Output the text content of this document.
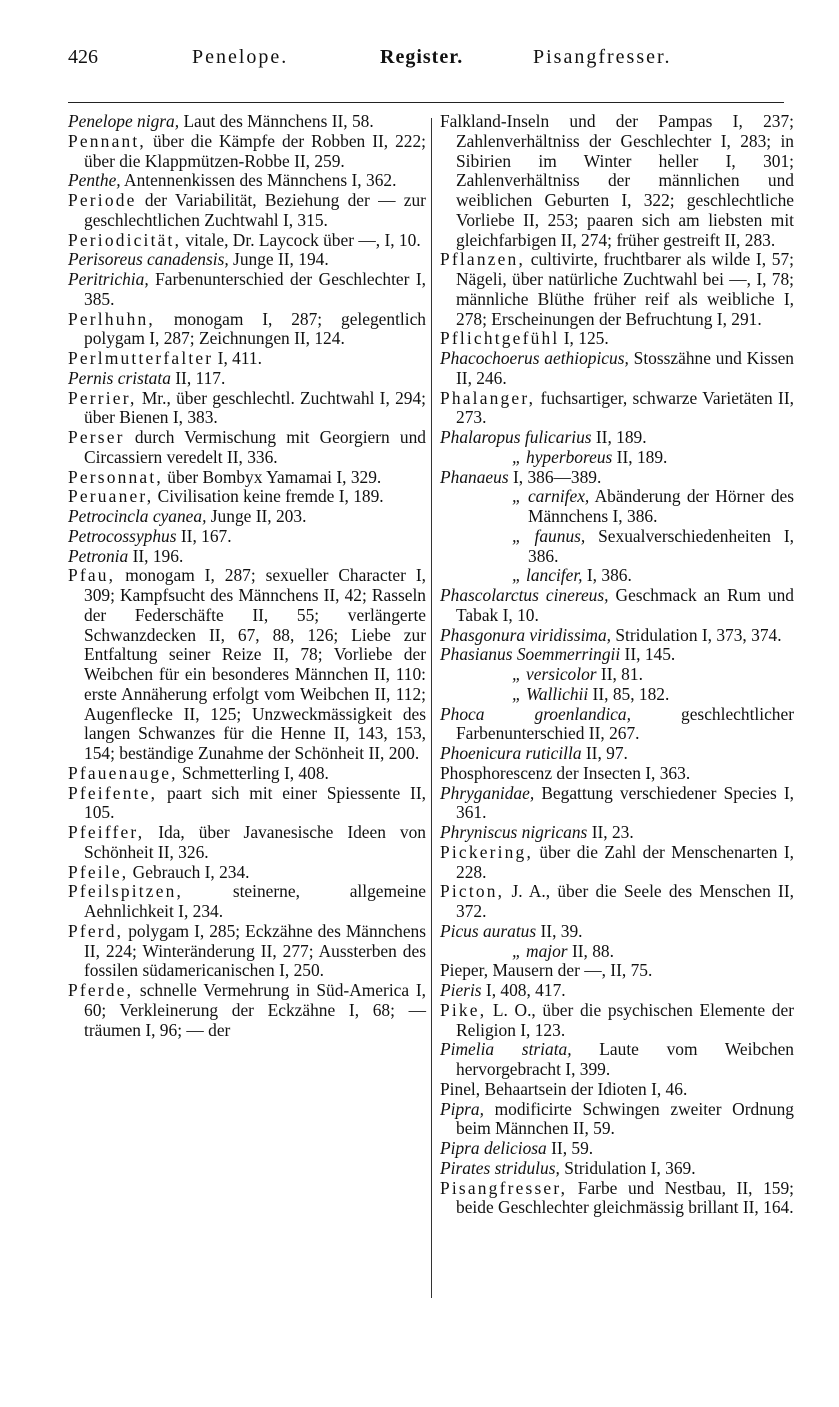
426	Penelope.	Register.	Pisangfresser.
Penelope nigra, Laut des Männchens II, 58.
Pennant, über die Kämpfe der Robben II, 222; über die Klappmützen-Robbe II, 259.
Penthe, Antennenkissen des Männchens I, 362.
Periode der Variabilität, Beziehung der — zur geschlechtlichen Zuchtwahl I, 315.
Periodicität, vitale, Dr. Laycock über —, I, 10.
Perisoreus canadensis, Junge II, 194.
Peritrichia, Farbenunterschied der Geschlechter I, 385.
Perlhuhn, monogam I, 287; gelegentlich polygam I, 287; Zeichnungen II, 124.
Perlmutterfalter I, 411.
Pernis cristata II, 117.
Perrier, Mr., über geschlechtl. Zuchtwahl I, 294; über Bienen I, 383.
Perser durch Vermischung mit Georgiern und Circassiern veredelt II, 336.
Personnat, über Bombyx Yamamai I, 329.
Peruaner, Civilisation keine fremde I, 189.
Petrocincla cyanea, Junge II, 203.
Petrocossyphus II, 167.
Petronia II, 196.
Pfau, monogam I, 287; sexueller Character I, 309; Kampfsucht des Männchens II, 42; Rasseln der Federschäfte II, 55; verlängerte Schwanzdecken II, 67, 88, 126; Liebe zur Entfaltung seiner Reize II, 78; Vorliebe der Weibchen für ein besonderes Männchen II, 110: erste Annäherung erfolgt vom Weibchen II, 112; Augenflecke II, 125; Unzweckmässigkeit des langen Schwanzes für die Henne II, 143, 153, 154; beständige Zunahme der Schönheit II, 200.
Pfauenauge, Schmetterling I, 408.
Pfeifente, paart sich mit einer Spiessente II, 105.
Pfeiffer, Ida, über Javanesische Ideen von Schönheit II, 326.
Pfeile, Gebrauch I, 234.
Pfeilspitzen,	steinerne, allgemeine Aehnlichkeit I, 234.
Pferd, polygam I, 285; Eckzähne des Männchens II, 224; Winteränderung II, 277; Aussterben des fossilen südamericanischen I, 250.
Pferde, schnelle Vermehrung in Süd-America I, 60; Verkleinerung der Eckzähne I, 68; — träumen I, 96; — der
Falkland-Inseln und der Pampas I, 237; Zahlenverhältniss der Geschlechter I, 283; in Sibirien im Winter heller I, 301; Zahlenverhältniss der männlichen und weiblichen Geburten I, 322; geschlechtliche Vorliebe II, 253; paaren sich am liebsten mit gleichfarbigen II, 274; früher gestreift II, 283.
Pflanzen, cultivirte, fruchtbarer als wilde I, 57; Nägeli, über natürliche Zuchtwahl bei —, I, 78; männliche Blüthe früher reif als weibliche I, 278; Erscheinungen der Befruchtung I, 291.
Pflichtgefühl I, 125.
Phacochoerus aethiopicus, Stosszähne und Kissen II, 246.
Phalanger, fuchsartiger, schwarze Varietäten II, 273.
Phalaropus fulicarius II, 189.
„ hyperboreus II, 189.
Phanaeus I, 386—389.
„ carnifex, Abänderung der Hörner des Männchens I, 386.
„ faunus, Sexualverschiedenheiten I, 386.
„ lancifer, I, 386.
Phascolarctus cinereus, Geschmack an Rum und Tabak I, 10.
Phasgonura viridissima, Stridulation I, 373, 374.
Phasianus Soemmerringii II, 145.
„ versicolor II, 81.
„ Wallichii II, 85, 182.
Phoca groenlandica,	geschlechtlicher Farbenunterschied II, 267.
Phoenicura ruticilla II, 97.
Phosphorescenz der Insecten I, 363.
Phryganidae, Begattung verschiedener Species I, 361.
Phryniscus nigricans II, 23.
Pickering, über die Zahl der Menschenarten I, 228.
Picton, J. A., über die Seele des Menschen II, 372.
Picus auratus II, 39.
„ major II, 88.
Pieper, Mausern der —, II, 75.
Pieris I, 408, 417.
Pike, L. O., über die psychischen Elemente der Religion I, 123.
Pimelia striata, Laute vom Weibchen hervorgebracht I, 399.
Pinel, Behaartsein der Idioten I, 46.
Pipra, modificirte Schwingen zweiter Ordnung beim Männchen II, 59.
Pipra deliciosa II, 59.
Pirates stridulus, Stridulation I, 369.
Pisangfresser, Farbe und Nestbau, II, 159; beide Geschlechter gleichmässig brillant II, 164.
